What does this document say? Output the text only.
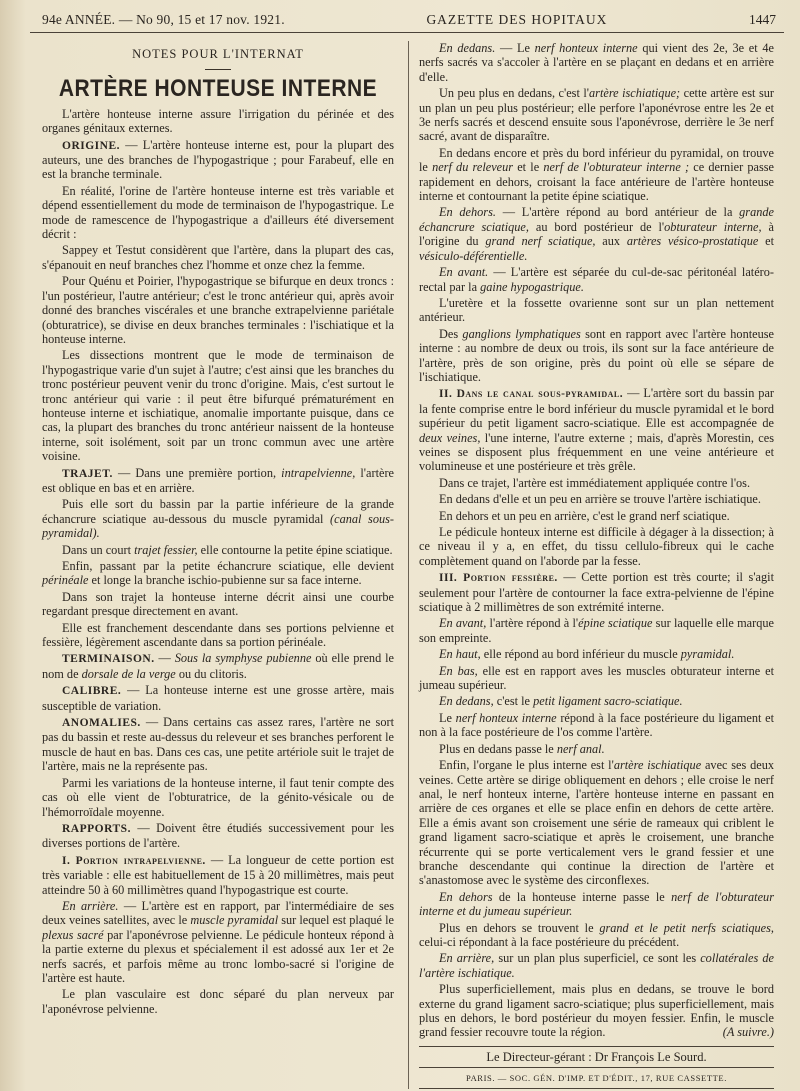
94e ANNÉE. — No 90, 15 et 17 nov. 1921.	GAZETTE DES HOPITAUX	1447
NOTES POUR L'INTERNAT
ARTÈRE HONTEUSE INTERNE

L'artère honteuse interne assure l'irrigation du périnée et des organes génitaux externes.

ORIGINE. — L'artère honteuse interne est, pour la plupart des auteurs, une des branches de l'hypogastrique ; pour Farabeuf, elle en est la branche terminale.

En réalité, l'orine de l'artère honteuse interne est très variable et dépend essentiellement du mode de terminaison de l'hypogastrique. Le mode de ramescence de l'hypogastrique a d'ailleurs été diversement décrit :

Sappey et Testut considèrent que l'artère, dans la plupart des cas, s'épanouit en neuf branches chez l'homme et onze chez la femme.

Pour Quénu et Poirier, l'hypogastrique se bifurque en deux troncs : l'un postérieur, l'autre antérieur; c'est le tronc antérieur qui, après avoir donné des branches viscérales et une branche extrapelvienne pariétale (obturatrice), se divise en deux branches terminales : l'ischiatique et la honteuse interne.

Les dissections montrent que le mode de terminaison de l'hypogastrique varie d'un sujet à l'autre; c'est ainsi que les branches du tronc postérieur peuvent venir du tronc d'origine. Mais, c'est surtout le tronc antérieur qui varie : il peut être bifurqué prématurément en honteuse interne et ischiatique, anomalie importante puisque, dans ce cas, la plupart des branches du tronc antérieur naissent de la honteuse interne, soit isolément, soit par un tronc commun avec une artère voisine.

TRAJET. — Dans une première portion, intrapelvienne, l'artère est oblique en bas et en arrière.

Puis elle sort du bassin par la partie inférieure de la grande échancrure sciatique au-dessous du muscle pyramidal (canal sous-pyramidal).

Dans un court trajet fessier, elle contourne la petite épine sciatique.

Enfin, passant par la petite échancrure sciatique, elle devient périnéale et longe la branche ischio-pubienne sur sa face interne.

Dans son trajet la honteuse interne décrit ainsi une courbe regardant presque directement en avant.

Elle est franchement descendante dans ses portions pelvienne et fessière, légèrement ascendante dans sa portion périnéale.

TERMINAISON. — Sous la symphyse pubienne où elle prend le nom de dorsale de la verge ou du clitoris.

CALIBRE. — La honteuse interne est une grosse artère, mais susceptible de variation.

ANOMALIES. — Dans certains cas assez rares, l'artère ne sort pas du bassin et reste au-dessus du releveur et ses branches perforent le muscle de haut en bas. Dans ces cas, une petite artériole suit le trajet de l'artère, mais ne la représente pas.

Parmi les variations de la honteuse interne, il faut tenir compte des cas où elle vient de l'obturatrice, de la génito-vésicale ou de l'hémorroïdale moyenne.

RAPPORTS. — Doivent être étudiés successivement pour les diverses portions de l'artère.

I. Portion intrapelvienne. — La longueur de cette portion est très variable : elle est habituellement de 15 à 20 millimètres, mais peut atteindre 50 à 60 millimètres quand l'hypogastrique est courte.

En arrière. — L'artère est en rapport, par l'intermédiaire de ses deux veines satellites, avec le muscle pyramidal sur lequel est plaqué le plexus sacré par l'aponévrose pelvienne. Le pédicule honteux répond à la partie externe du plexus et spécialement il est adossé aux 1er et 2e nerfs sacrés, et parfois même au tronc lombo-sacré si l'origine de l'artère est haute.

Le plan vasculaire est donc séparé du plan nerveux par l'aponévrose pelvienne.

En dedans. — Le nerf honteux interne qui vient des 2e, 3e et 4e nerfs sacrés va s'accoler à l'artère en se plaçant en dedans et en arrière d'elle.

Un peu plus en dedans, c'est l'artère ischiatique; cette artère est sur un plan un peu plus postérieur; elle perfore l'aponévrose entre les 2e et 3e nerfs sacrés et descend ensuite sous l'aponévrose, derrière le 3e nerf sacré, avant de disparaître.

En dedans encore et près du bord inférieur du pyramidal, on trouve le nerf du releveur et le nerf de l'obturateur interne ; ce dernier passe rapidement en dehors, croisant la face antérieure de l'artère honteuse interne et contournant la petite épine sciatique.

En dehors. — L'artère répond au bord antérieur de la grande échancrure sciatique, au bord postérieur de l'obturateur interne, à l'origine du grand nerf sciatique, aux artères vésico-prostatique et vésiculo-déférentielle.

En avant. — L'artère est séparée du cul-de-sac péritonéal latéro-rectal par la gaine hypogastrique.

L'uretère et la fossette ovarienne sont sur un plan nettement antérieur.

Des ganglions lymphatiques sont en rapport avec l'artère honteuse interne : au nombre de deux ou trois, ils sont sur la face antérieure de l'artère, près de son origine, près du point où elle se sépare de l'ischiatique.

II. Dans le canal sous-pyramidal. — L'artère sort du bassin par la fente comprise entre le bord inférieur du muscle pyramidal et le bord supérieur du petit ligament sacro-sciatique. Elle est accompagnée de deux veines, l'une interne, l'autre externe ; mais, d'après Morestin, ces veines se disposent plus fréquemment en une veine antérieure et volumineuse et une postérieure et très grêle.

Dans ce trajet, l'artère est immédiatement appliquée contre l'os.

En dedans d'elle et un peu en arrière se trouve l'artère ischiatique.

En dehors et un peu en arrière, c'est le grand nerf sciatique.

Le pédicule honteux interne est difficile à dégager à la dissection; à ce niveau il y a, en effet, du tissu cellulo-fibreux qui le cache complètement quand on l'aborde par la fesse.

III. Portion fessière. — Cette portion est très courte; il s'agit seulement pour l'artère de contourner la face extra-pelvienne de l'épine sciatique à 2 millimètres de son extrémité interne.

En avant, l'artère répond à l'épine sciatique sur laquelle elle marque son empreinte.

En haut, elle répond au bord inférieur du muscle pyramidal.

En bas, elle est en rapport aves les muscles obturateur interne et jumeau supérieur.

En dedans, c'est le petit ligament sacro-sciatique.

Le nerf honteux interne répond à la face postérieure du ligament et non à la face postérieure de l'os comme l'artère.

Plus en dedans passe le nerf anal.

Enfin, l'organe le plus interne est l'artère ischiatique avec ses deux veines. Cette artère se dirige obliquement en dehors ; elle croise le nerf anal, le nerf honteux interne, l'artère honteuse interne en passant en arrière de ces organes et elle se place enfin en dehors de cette artère. Elle a émis avant son croisement une série de rameaux qui criblent le grand ligament sacro-sciatique et après le croisement, une branche récurrente qui se porte verticalement vers le grand fessier et une branche descendante qui continue la direction de l'artère et s'anastomose avec le système des circonflexes.

En dehors de la honteuse interne passe le nerf de l'obturateur interne et du jumeau supérieur.

Plus en dehors se trouvent le grand et le petit nerfs sciatiques, celui-ci répondant à la face postérieure du précédent.

En arrière, sur un plan plus superficiel, ce sont les collatérales de l'artère ischiatique.

Plus superficiellement, mais plus en dedans, se trouve le bord externe du grand ligament sacro-sciatique; plus superficiellement, mais plus en dehors, le bord postérieur du moyen fessier. Enfin, le muscle grand fessier recouvre toute la région.	(A suivre.)

Le Directeur-gérant : Dr François Le Sourd.
PARIS. — SOC. GÉN. D'IMP. ET D'ÉDIT., 17, RUE CASSETTE.
